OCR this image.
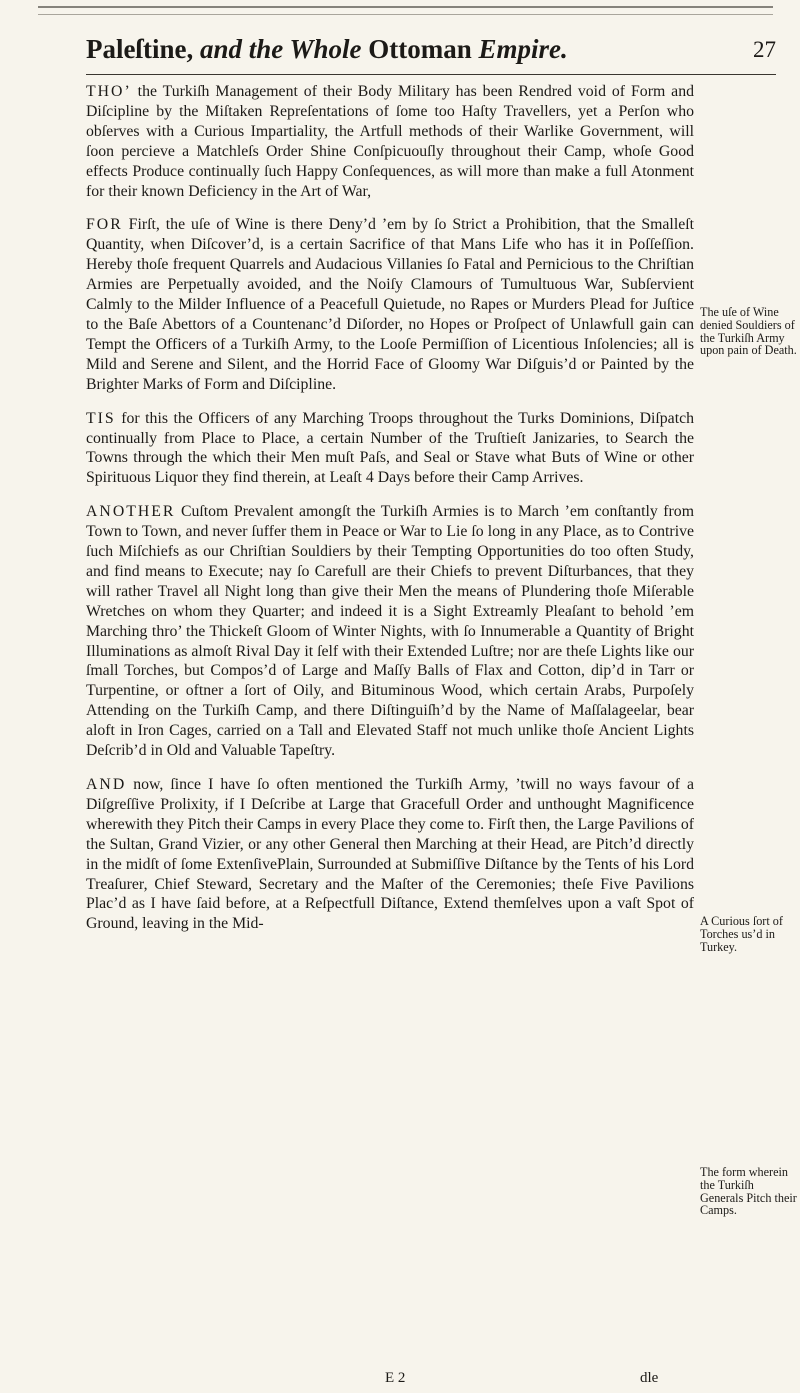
Paleſtine, and the Whole Ottoman Empire.	27

THO’ the Turkiſh Management of their Body Military has been Rendred void of Form and Diſcipline by the Miſtaken Repreſentations of ſome too Haſty Travellers, yet a Perſon who obſerves with a Curious Impartiality, the Artfull methods of their Warlike Government, will ſoon percieve a Matchleſs Order Shine Conſpicuouſly throughout their Camp, whoſe Good effects Produce continually ſuch Happy Conſequences, as will more than make a full Atonment for their known Deficiency in the Art of War,

FOR Firſt, the uſe of Wine is there Deny’d ’em by ſo Strict a Prohibition, that the Smalleſt Quantity, when Diſcover’d, is a certain Sacrifice of that Mans Life who has it in Poſſeſſion. Hereby thoſe frequent Quarrels and Audacious Villanies ſo Fatal and Pernicious to the Chriſtian Armies are Perpetually avoided, and the Noiſy Clamours of Tumultuous War, Subſervient Calmly to the Milder Influence of a Peacefull Quietude, no Rapes or Murders Plead for Juſtice to the Baſe Abettors of a Countenanc’d Diſorder, no Hopes or Proſpect of Unlawfull gain can Tempt the Officers of a Turkiſh Army, to the Looſe Permiſſion of Licentious Inſolencies; all is Mild and Serene and Silent, and the Horrid Face of Gloomy War Diſguis’d or Painted by the Brighter Marks of Form and Diſcipline.

TIS for this the Officers of any Marching Troops throughout the Turks Dominions, Diſpatch continually from Place to Place, a certain Number of the Truſtieſt Janizaries, to Search the Towns through the which their Men muſt Paſs, and Seal or Stave what Buts of Wine or other Spirituous Liquor they find therein, at Leaſt 4 Days before their Camp Arrives.

ANOTHER Cuſtom Prevalent amongſt the Turkiſh Armies is to March ’em conſtantly from Town to Town, and never ſuffer them in Peace or War to Lie ſo long in any Place, as to Contrive ſuch Miſchiefs as our Chriſtian Souldiers by their Tempting Opportunities do too often Study, and find means to Execute; nay ſo Carefull are their Chiefs to prevent Diſturbances, that they will rather Travel all Night long than give their Men the means of Plundering thoſe Miſerable Wretches on whom they Quarter; and indeed it is a Sight Extreamly Pleaſant to behold ’em Marching thro’ the Thickeſt Gloom of Winter Nights, with ſo Innumerable a Quantity of Bright Illuminations as almoſt Rival Day it ſelf with their Extended Luſtre; nor are theſe Lights like our ſmall Torches, but Compos’d of Large and Maſſy Balls of Flax and Cotton, dip’d in Tarr or Turpentine, or oftner a ſort of Oily, and Bituminous Wood, which certain Arabs, Purpoſely Attending on the Turkiſh Camp, and there Diſtinguiſh’d by the Name of Maſſalageelar, bear aloft in Iron Cages, carried on a Tall and Elevated Staff not much unlike thoſe Ancient Lights Deſcrib’d in Old and Valuable Tapeſtry.

AND now, ſince I have ſo often mentioned the Turkiſh Army, ’twill no ways favour of a Diſgreſſive Prolixity, if I Deſcribe at Large that Gracefull Order and unthought Magnificence wherewith they Pitch their Camps in every Place they come to. Firſt then, the Large Pavilions of the Sultan, Grand Vizier, or any other General then Marching at their Head, are Pitch’d directly in the midſt of ſome ExtenſivePlain, Surrounded at Submiſſive Diſtance by the Tents of his Lord Treaſurer, Chief Steward, Secretary and the Maſter of the Ceremonies; theſe Five Pavilions Plac’d as I have ſaid before, at a Reſpectfull Diſtance, Extend themſelves upon a vaſt Spot of Ground, leaving in the Mid-

The uſe of Wine denied Souldiers of the Turkiſh Army upon pain of Death.
A Curious ſort of Torches us’d in Turkey.
The form wherein the Turkiſh Generals Pitch their Camps.
E 2	dle
